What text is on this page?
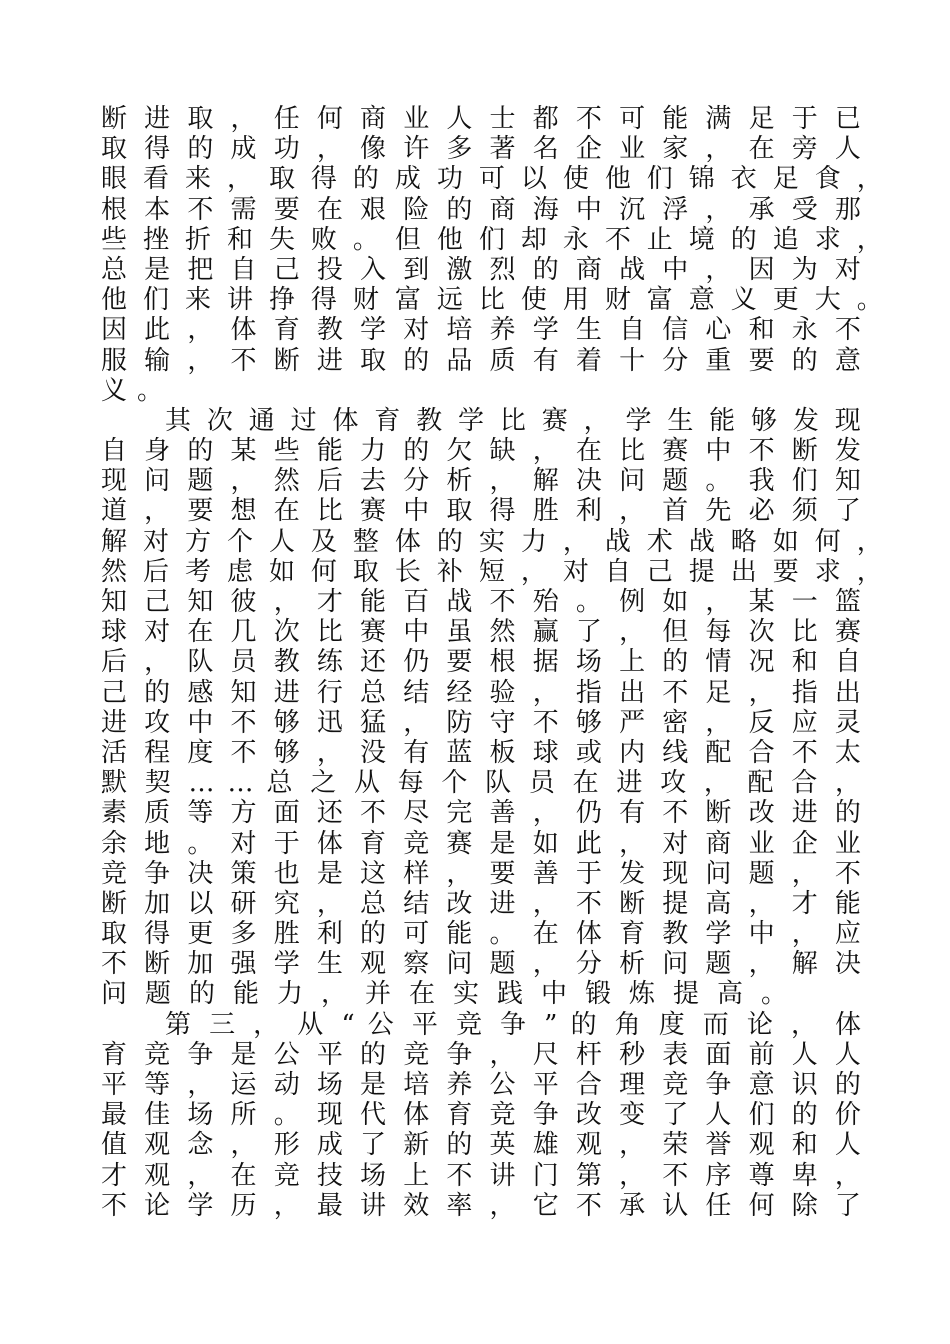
断 进 取 ， 任 何 商 业 人 士 都 不 可 能 满 足 于 已
取 得 的 成 功 ， 像 许 多 著 名 企 业 家 ， 在 旁 人
眼 看 来 ， 取 得 的 成 功 可 以 使 他 们 锦 衣 足 食 ，
根 本 不 需 要 在 艰 险 的 商 海 中 沉 浮 ， 承 受 那
些 挫 折 和 失 败 。 但 他 们 却 永 不 止 境 的 追 求 ，
总 是 把 自 己 投 入 到 激 烈 的 商 战 中 ， 因 为 对
他 们 来 讲 挣 得 财 富 远 比 使 用 财 富 意 义 更 大 。
因 此 ， 体 育 教 学 对 培 养 学 生 自 信 心 和 永 不
服 输 ， 不 断 进 取 的 品 质 有 着 十 分 重 要 的 意
义。
其 次 通 过 体 育 教 学 比 赛 ， 学 生 能 够 发 现
自 身 的 某 些 能 力 的 欠 缺 ， 在 比 赛 中 不 断 发
现 问 题 ， 然 后 去 分 析 ， 解 决 问 题 。 我 们 知
道 ， 要 想 在 比 赛 中 取 得 胜 利 ， 首 先 必 须 了
解 对 方 个 人 及 整 体 的 实 力 ， 战 术 战 略 如 何 ，
然 后 考 虑 如 何 取 长 补 短 ， 对 自 己 提 出 要 求 ，
知 己 知 彼 ， 才 能 百 战 不 殆 。 例 如 ， 某 一 篮
球 对 在 几 次 比 赛 中 虽 然 赢 了 ， 但 每 次 比 赛
后 ， 队 员 教 练 还 仍 要 根 据 场 上 的 情 况 和 自
己 的 感 知 进 行 总 结 经 验 ， 指 出 不 足 ， 指 出
进 攻 中 不 够 迅 猛 ， 防 守 不 够 严 密 ， 反 应 灵
活 程 度 不 够 ， 没 有 蓝 板 球 或 内 线 配 合 不 太
默 契 … … 总 之 从 每 个 队 员 在 进 攻 ， 配 合 ，
素 质 等 方 面 还 不 尽 完 善 ， 仍 有 不 断 改 进 的
余 地 。 对 于 体 育 竞 赛 是 如 此 ， 对 商 业 企 业
竞 争 决 策 也 是 这 样 ， 要 善 于 发 现 问 题 ， 不
断 加 以 研 究 ， 总 结 改 进 ， 不 断 提 高 ， 才 能
取 得 更 多 胜 利 的 可 能 。 在 体 育 教 学 中 ， 应
不 断 加 强 学 生 观 察 问 题 ， 分 析 问 题 ， 解 决
问题的能力，并在实践中锻炼提高。
第 三 ， 从 “ 公 平 竞 争 ” 的 角 度 而 论 ， 体
育 竞 争 是 公 平 的 竞 争 ， 尺 杆 秒 表 面 前 人 人
平 等 ， 运 动 场 是 培 养 公 平 合 理 竞 争 意 识 的
最 佳 场 所 。 现 代 体 育 竞 争 改 变 了 人 们 的 价
值 观 念 ， 形 成 了 新 的 英 雄 观 ， 荣 誉 观 和 人
才 观 ， 在 竞 技 场 上 不 讲 门 第 ， 不 序 尊 卑 ，
不 论 学 历 ， 最 讲 效 率 ， 它 不 承 认 任 何 除 了
